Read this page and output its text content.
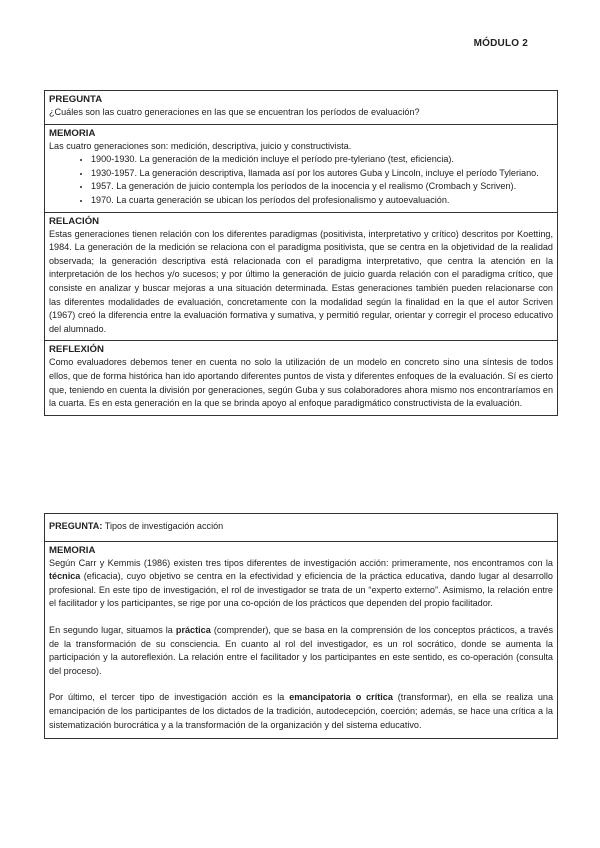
MÓDULO 2
PREGUNTA
¿Cuáles son las cuatro generaciones en las que se encuentran los períodos de evaluación?
MEMORIA
Las cuatro generaciones son: medición, descriptiva, juicio y constructivista.
• 1900-1930. La generación de la medición incluye el período pre-tyleriano (test, eficiencia).
• 1930-1957. La generación descriptiva, llamada así por los autores Guba y Lincoln, incluye el período Tyleriano.
• 1957. La generación de juicio contempla los períodos de la inocencia y el realismo (Crombach y Scriven).
• 1970. La cuarta generación se ubican los períodos del profesionalismo y autoevaluación.
RELACIÓN
Estas generaciones tienen relación con los diferentes paradigmas (positivista, interpretativo y crítico) descritos por Koetting, 1984. La generación de la medición se relaciona con el paradigma positivista, que se centra en la objetividad de la realidad observada; la generación descriptiva está relacionada con el paradigma interpretativo, que centra la atención en la interpretación de los hechos y/o sucesos; y por último la generación de juicio guarda relación con el paradigma crítico, que consiste en analizar y buscar mejoras a una situación determinada. Estas generaciones también pueden relacionarse con las diferentes modalidades de evaluación, concretamente con la modalidad según la finalidad en la que el autor Scriven (1967) creó la diferencia entre la evaluación formativa y sumativa, y permitió regular, orientar y corregir el proceso educativo del alumnado.
REFLEXIÓN
Como evaluadores debemos tener en cuenta no solo la utilización de un modelo en concreto sino una síntesis de todos ellos, que de forma histórica han ido aportando diferentes puntos de vista y diferentes enfoques de la evaluación. Sí es cierto que, teniendo en cuenta la división por generaciones, según Guba y sus colaboradores ahora mismo nos encontraríamos en la cuarta. Es en esta generación en la que se brinda apoyo al enfoque paradigmático constructivista de la evaluación.
PREGUNTA: Tipos de investigación acción
MEMORIA

Según Carr y Kemmis (1986) existen tres tipos diferentes de investigación acción: primeramente, nos encontramos con la técnica (eficacia), cuyo objetivo se centra en la efectividad y eficiencia de la práctica educativa, dando lugar al desarrollo profesional. En este tipo de investigación, el rol de investigador se trata de un “experto externo”. Asimismo, la relación entre el facilitador y los participantes, se rige por una co-opción de los prácticos que dependen del propio facilitador.

En segundo lugar, situamos la práctica (comprender), que se basa en la comprensión de los conceptos prácticos, a través de la transformación de su consciencia. En cuanto al rol del investigador, es un rol socrático, donde se aumenta la participación y la autoreflexión. La relación entre el facilitador y los participantes en este sentido, es co-operación (consulta del proceso).

Por último, el tercer tipo de investigación acción es la emancipatoria o crítica (transformar), en ella se realiza una emancipación de los participantes de los dictados de la tradición, autodecepción, coerción; además, se hace una crítica a la sistematización burocrática y a la transformación de la organización y del sistema educativo.
